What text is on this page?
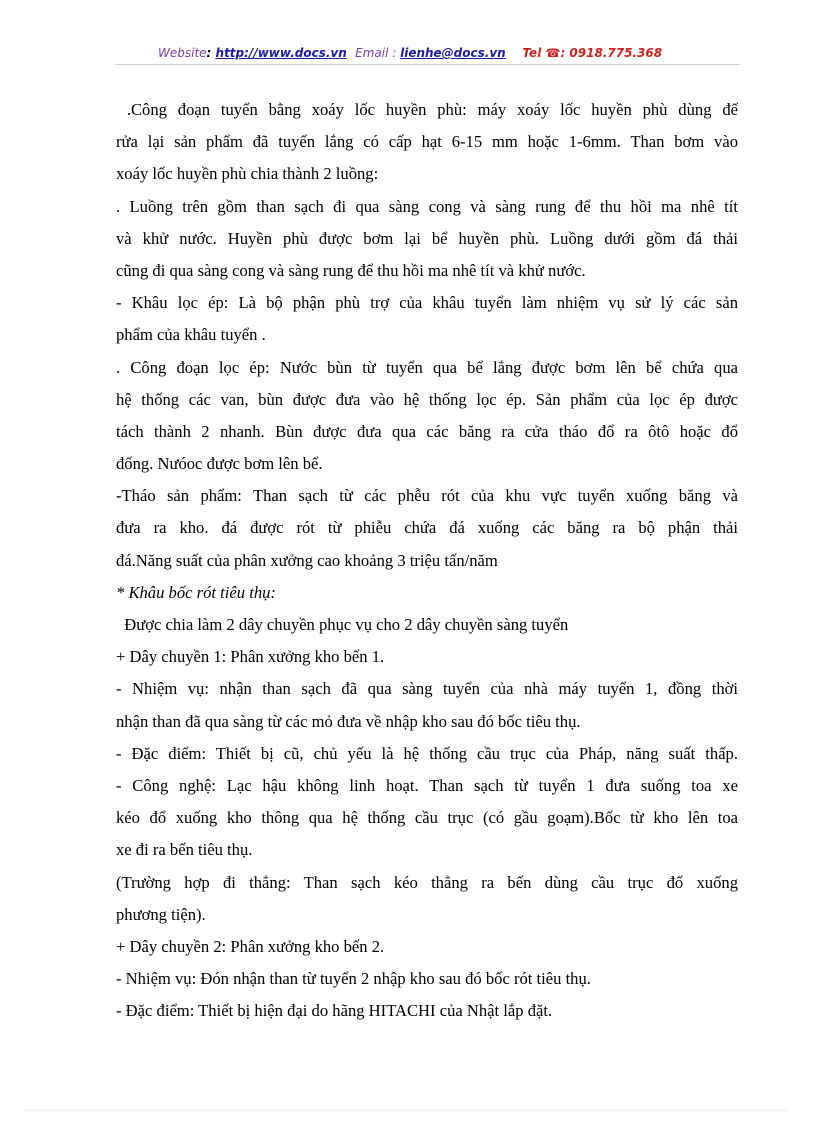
Website: http://www.docs.vn Email : lienhe@docs.vn Tel ☎: 0918.775.368
.Công đoạn tuyển bằng xoáy lốc huyền phù: máy xoáy lốc huyền phù dùng để
rửa lại sản phẩm đã tuyển lắng có cấp hạt 6-15 mm hoặc 1-6mm. Than bơm vào
xoáy lốc huyền phù chia thành 2 luồng:
. Luồng trên gồm than sạch đi qua sàng cong và sàng rung để thu hồi ma nhê tít
và khử nước. Huyền phù được bơm lại bể huyền phù. Luồng dưới gồm đá thải
cũng đi qua sàng cong và sàng rung để thu hồi ma nhê tít và khử nước.
- Khâu lọc ép: Là bộ phận phù trợ của khâu tuyển làm nhiệm vụ sử lý các sản
phẩm của khâu tuyển .
. Công đoạn lọc ép: Nước bùn từ tuyển qua bể lắng được bơm lên bể chứa qua
hệ thống các van, bùn được đưa vào hệ thống lọc ép. Sản phẩm của lọc ép được
tách thành 2 nhanh. Bùn được đưa qua các băng ra cửa tháo đổ ra ôtô hoặc đổ
đống. Nưóoc được bơm lên bể.
-Tháo sản phẩm: Than sạch từ các phễu rót của khu vực tuyển xuống băng và
đưa ra kho. đá được rót từ phiễu chứa đá xuống các băng ra bộ phận thải
đá.Năng suất của phân xưởng cao khoảng 3 triệu tấn/năm
* Khâu bốc rót tiêu thụ:
Được chia làm 2 dây chuyền phục vụ cho 2 dây chuyền sàng tuyển
+ Dây chuyền 1: Phân xưởng kho bến 1.
- Nhiệm vụ: nhận than sạch đã qua sàng tuyển của nhà máy tuyển 1, đồng thời
nhận than đã qua sàng từ các mỏ đưa về nhập kho sau đó bốc tiêu thụ.
- Đặc điểm: Thiết bị cũ, chủ yếu là hệ thống cầu trục của Pháp, năng suất thấp.
- Công nghệ: Lạc hậu không linh hoạt. Than sạch từ tuyển 1 đưa suống toa xe
kéo đổ xuống kho thông qua hệ thống cầu trục (có gầu goạm).Bốc từ kho lên toa
xe đi ra bến tiêu thụ.
(Trường hợp đi thẳng: Than sạch kéo thẳng ra bến dùng cầu trục đổ xuống
phương tiện).
+ Dây chuyền 2: Phân xưởng kho bến 2.
- Nhiệm vụ: Đón nhận than từ tuyển 2 nhập kho sau đó bốc rót tiêu thụ.
- Đặc điểm: Thiết bị hiện đại do hãng HITACHI của Nhật lắp đặt.
